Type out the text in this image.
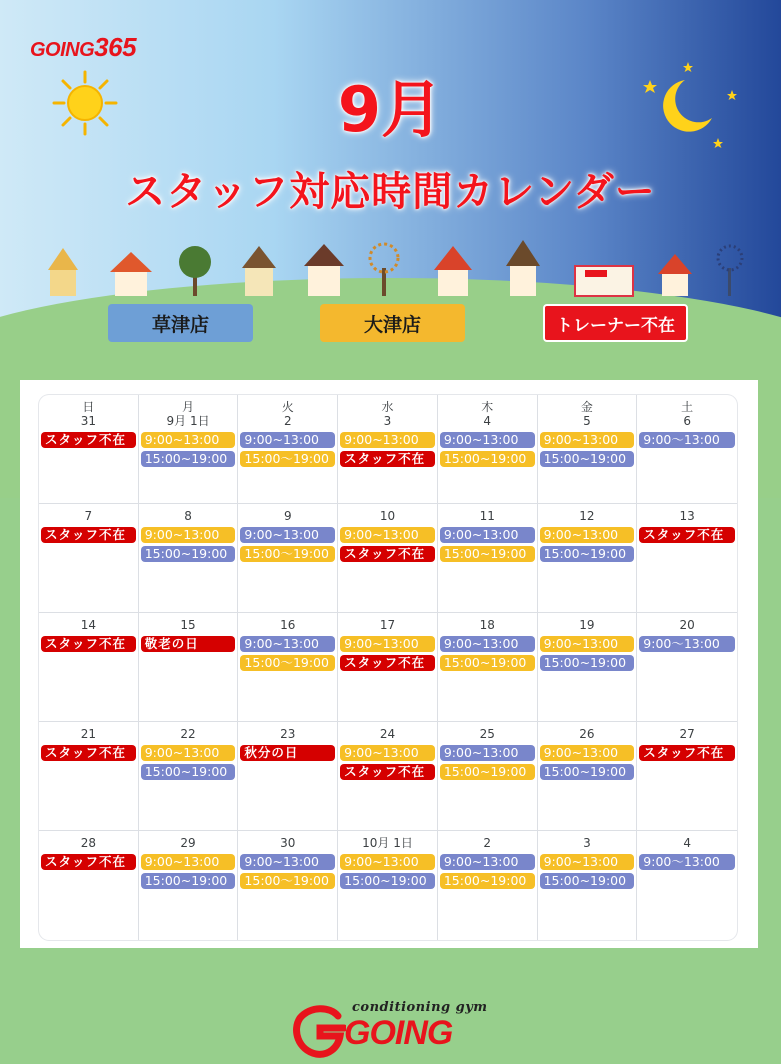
GOING365
9月
スタッフ対応時間カレンダー
草津店	大津店	トレーナー不在
日
31
スタッフ不在
月
9月 1日
9:00~13:00
15:00~19:00
火
2
9:00~13:00
15:00〜19:00
水
3
9:00~13:00
スタッフ不在
木
4
9:00~13:00
15:00~19:00
金
5
9:00~13:00
15:00~19:00
土
6
9:00〜13:00
7
スタッフ不在
8
9:00~13:00
15:00~19:00
9
9:00~13:00
15:00〜19:00
10
9:00~13:00
スタッフ不在
11
9:00~13:00
15:00~19:00
12
9:00~13:00
15:00~19:00
13
スタッフ不在
14
スタッフ不在
15
敬老の日
16
9:00~13:00
15:00〜19:00
17
9:00~13:00
スタッフ不在
18
9:00~13:00
15:00~19:00
19
9:00~13:00
15:00~19:00
20
9:00〜13:00
21
スタッフ不在
22
9:00~13:00
15:00~19:00
23
秋分の日
24
9:00~13:00
スタッフ不在
25
9:00~13:00
15:00~19:00
26
9:00~13:00
15:00~19:00
27
スタッフ不在
28
スタッフ不在
29
9:00~13:00
15:00~19:00
30
9:00~13:00
15:00〜19:00
10月 1日
9:00~13:00
15:00~19:00
2
9:00~13:00
15:00~19:00
3
9:00~13:00
15:00~19:00
4
9:00〜13:00
conditioning gym
GOING
